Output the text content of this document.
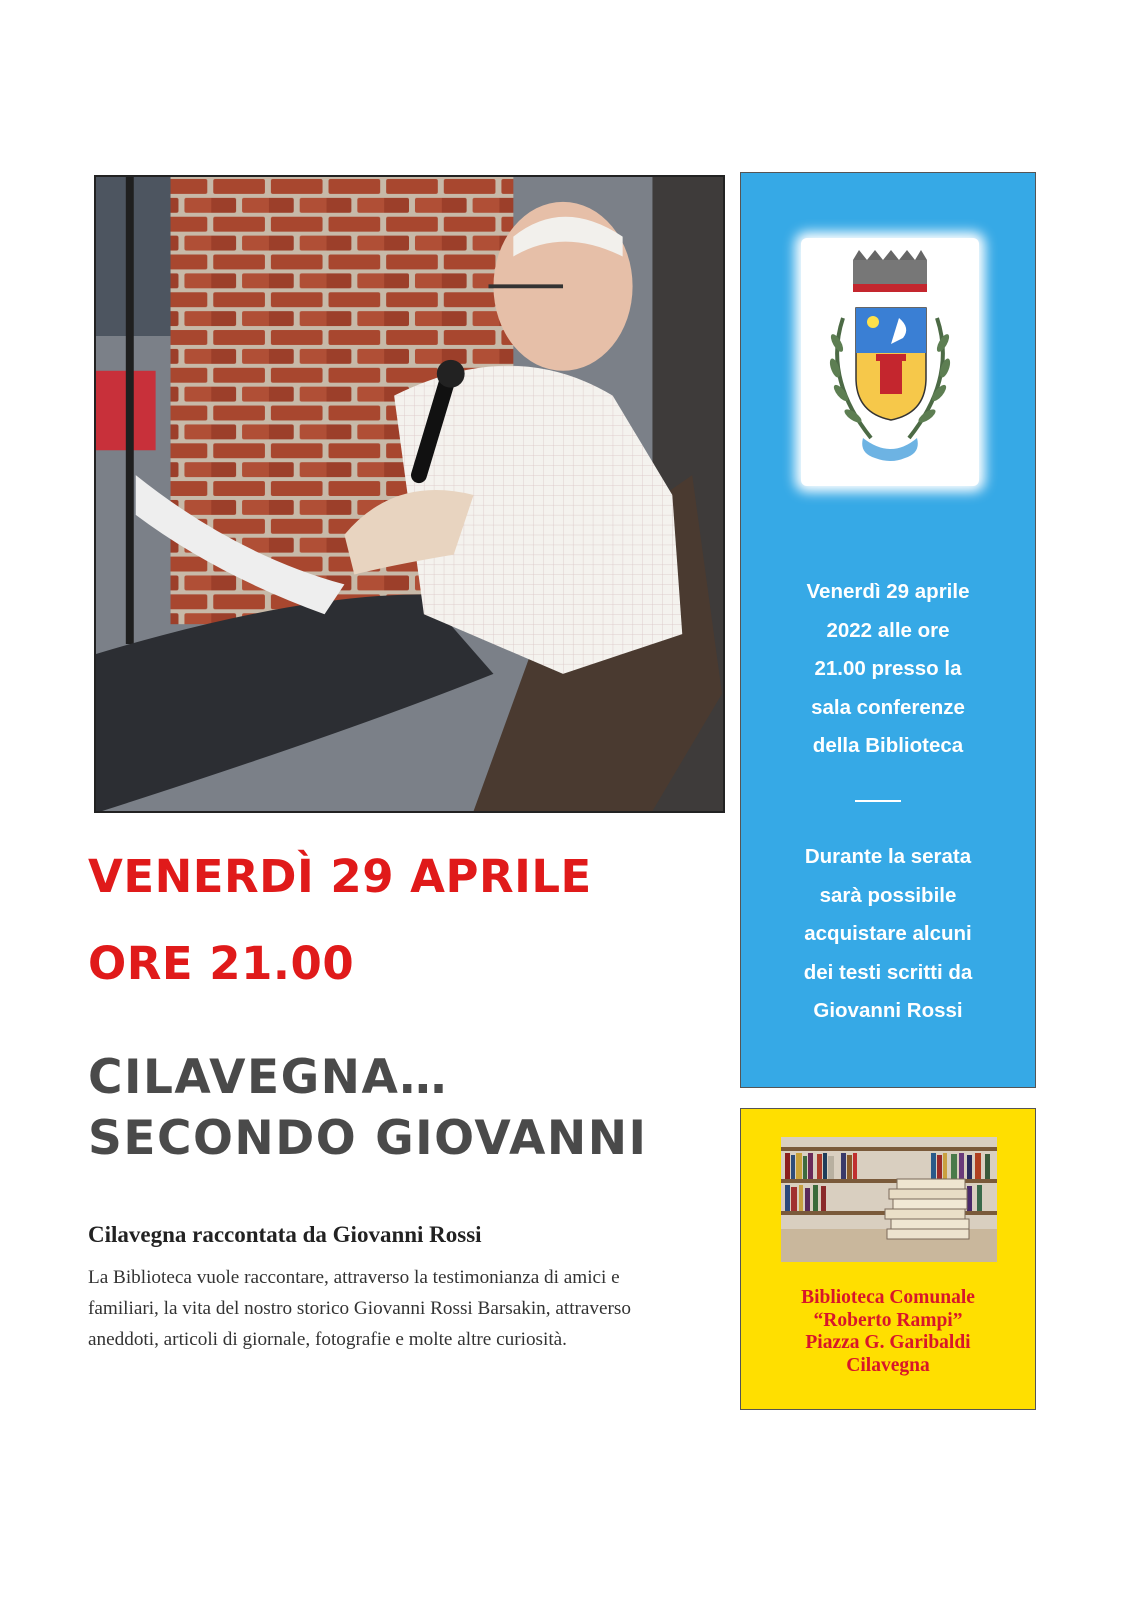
VENERDÌ 29 APRILE
ORE 21.00
CILAVEGNA…
SECONDO GIOVANNI
Cilavegna raccontata da Giovanni Rossi

La Biblioteca vuole raccontare, attraverso la testimonianza di amici e familiari, la vita del nostro storico Giovanni Rossi Barsakin, attraverso aneddoti, articoli di giornale, fotografie e molte altre curiosità.

Venerdì 29 aprile
2022 alle ore
21.00 presso la
sala conferenze
della Biblioteca

Durante la serata
sarà possibile
acquistare alcuni
dei testi scritti da
Giovanni Rossi

Biblioteca Comunale
“Roberto Rampi”
Piazza G. Garibaldi
Cilavegna
